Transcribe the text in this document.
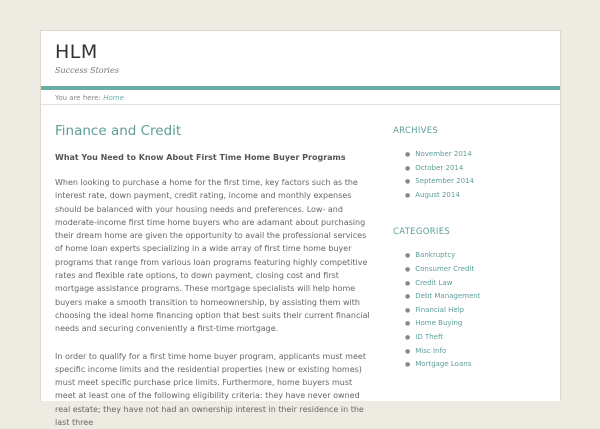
HLM
Success Stories
You are here: Home
Finance and Credit
What You Need to Know About First Time Home Buyer Programs

When looking to purchase a home for the first time, key factors such as the interest rate, down payment, credit rating, income and monthly expenses should be balanced with your housing needs and preferences. Low- and moderate-income first time home buyers who are adamant about purchasing their dream home are given the opportunity to avail the professional services of home loan experts specializing in a wide array of first time home buyer programs that range from various loan programs featuring highly competitive rates and flexible rate options, to down payment, closing cost and first mortgage assistance programs. These mortgage specialists will help home buyers make a smooth transition to homeownership, by assisting them with choosing the ideal home financing option that best suits their current financial needs and securing conveniently a first-time mortgage.

In order to qualify for a first time home buyer program, applicants must meet specific income limits and the residential properties (new or existing homes) must meet specific purchase price limits. Furthermore, home buyers must meet at least one of the following eligibility criteria: they have never owned real estate; they have not had an ownership interest in their residence in the last three

ARCHIVES
● November 2014
● October 2014
● September 2014
● August 2014
CATEGORIES
● Bankruptcy
● Consumer Credit
● Credit Law
● Debt Management
● Financial Help
● Home Buying
● ID Theft
● Misc Info
● Mortgage Loans
